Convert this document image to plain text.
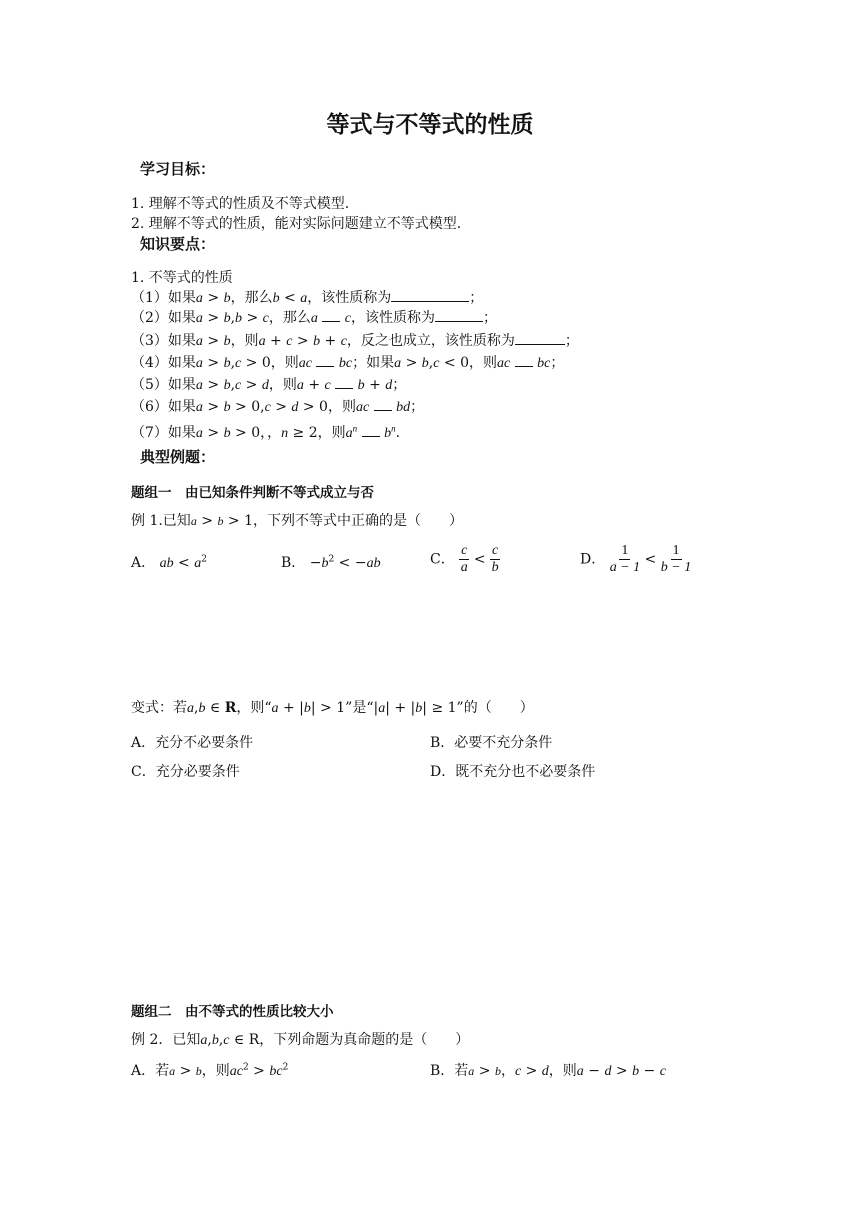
等式与不等式的性质
学习目标：
1. 理解不等式的性质及不等式模型.
2. 理解不等式的性质，能对实际问题建立不等式模型.
知识要点：
1. 不等式的性质
（1）如果a > b，那么b < a，该性质称为	；
（2）如果a > b,b > c，那么a c，该性质称为	；
（3）如果a > b，则a + c > b + c，反之也成立，该性质称为	；
（4）如果a > b,c > 0，则ac bc；如果a > b,c < 0，则ac bc；
（5）如果a > b,c > d，则a + c b + d；
（6）如果a > b > 0,c > d > 0，则ac bd；
（7）如果a > b > 0，，n ≥ 2，则$a^n$ $b^n$.
典型例题：
题组一　由已知条件判断不等式成立与否
例 1.已知a > b > 1，下列不等式中正确的是（　　）
A． ab < $a^2$	B． $-b^2 < -ab$	C． $\frac{c}{a} < \frac{c}{b}$	D． $\frac{1}{a - 1} < \frac{1}{b - 1}$
变式：若a,b ∈ R，则“a + |b| > 1”是“|a| + |b| ≥ 1”的（　　）
A．充分不必要条件	B．必要不充分条件
C．充分必要条件	D．既不充分也不必要条件
题组二　由不等式的性质比较大小
例 2．已知a,b,c ∈ R，下列命题为真命题的是（　　）
A．若a > b，则$ac^2 > bc^2$	B．若a > b，c > d，则a − d > b − c
